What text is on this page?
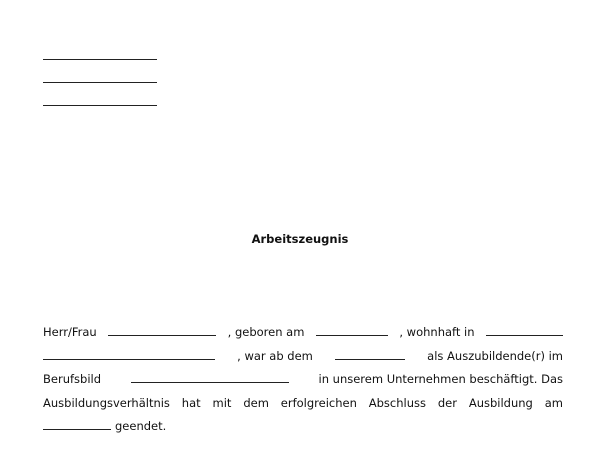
Arbeitszeugnis
Herr/Frau	, geboren am	, wohnhaft in
, war ab dem	als Auszubildende(r) im
Berufsbild	in unserem Unternehmen beschäftigt. Das
Ausbildungsverhältnis hat mit dem erfolgreichen Abschluss der Ausbildung am
geendet.
